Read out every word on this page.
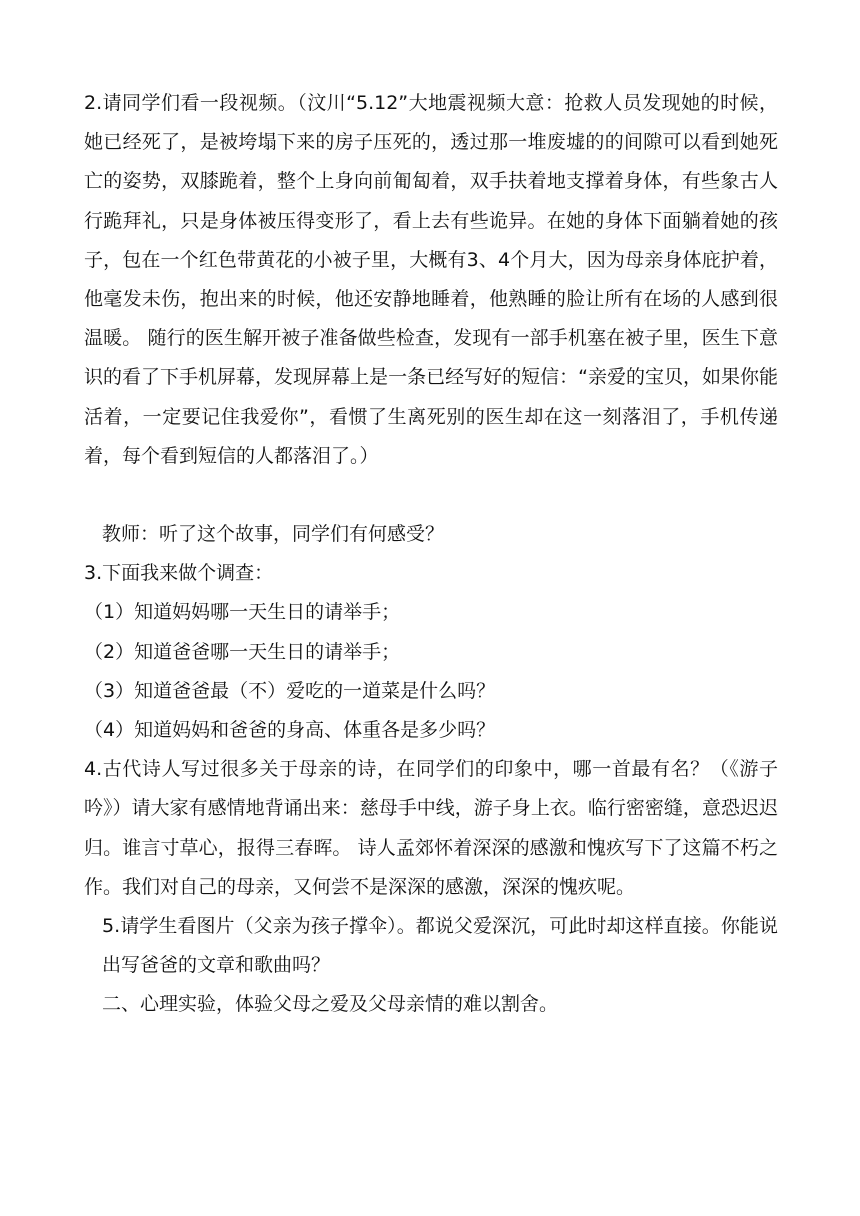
2.请同学们看一段视频。（汶川“5.12”大地震视频大意：抢救人员发现她的时候，她已经死了，是被垮塌下来的房子压死的，透过那一堆废墟的的间隙可以看到她死亡的姿势，双膝跪着，整个上身向前匍匐着，双手扶着地支撑着身体，有些象古人行跪拜礼，只是身体被压得变形了，看上去有些诡异。在她的身体下面躺着她的孩子，包在一个红色带黄花的小被子里，大概有3、4个月大，因为母亲身体庇护着，他毫发未伤，抱出来的时候，他还安静地睡着，他熟睡的脸让所有在场的人感到很温暖。 随行的医生解开被子准备做些检查，发现有一部手机塞在被子里，医生下意识的看了下手机屏幕，发现屏幕上是一条已经写好的短信：“亲爱的宝贝，如果你能活着，一定要记住我爱你”，看惯了生离死别的医生却在这一刻落泪了，手机传递着，每个看到短信的人都落泪了。）

教师：听了这个故事，同学们有何感受？

3.下面我来做个调查：

（1）知道妈妈哪一天生日的请举手；

（2）知道爸爸哪一天生日的请举手；

（3）知道爸爸最（不）爱吃的一道菜是什么吗？

（4）知道妈妈和爸爸的身高、体重各是多少吗？

4.古代诗人写过很多关于母亲的诗，在同学们的印象中，哪一首最有名？（《游子吟》）请大家有感情地背诵出来：慈母手中线，游子身上衣。临行密密缝，意恐迟迟归。谁言寸草心，报得三春晖。 诗人孟郊怀着深深的感激和愧疚写下了这篇不朽之作。我们对自己的母亲，又何尝不是深深的感激，深深的愧疚呢。

5.请学生看图片（父亲为孩子撑伞）。都说父爱深沉，可此时却这样直接。你能说出写爸爸的文章和歌曲吗？

二、心理实验，体验父母之爱及父母亲情的难以割舍。
